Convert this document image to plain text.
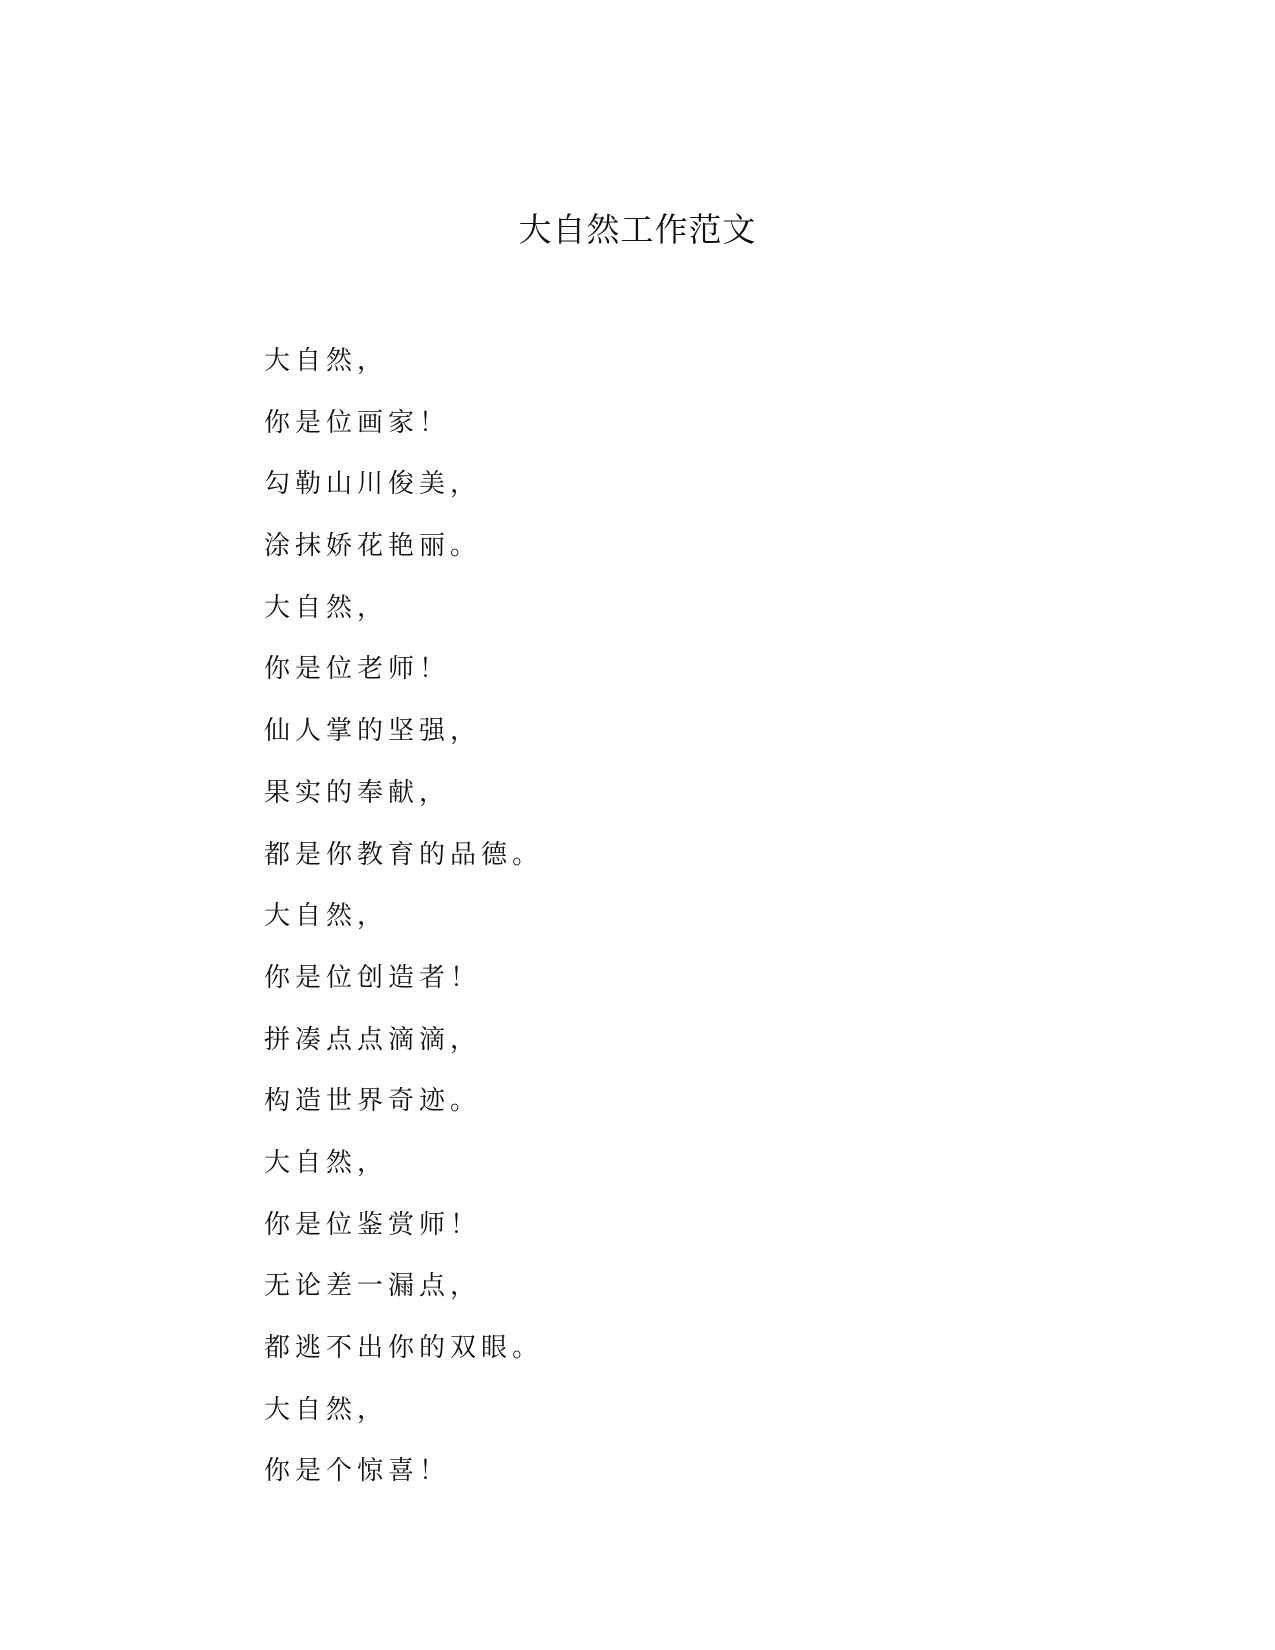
大自然工作范文
大自然，
你是位画家！
勾勒山川俊美，
涂抹娇花艳丽。
大自然，
你是位老师！
仙人掌的坚强，
果实的奉献，
都是你教育的品德。
大自然，
你是位创造者！
拼凑点点滴滴，
构造世界奇迹。
大自然，
你是位鉴赏师！
无论差一漏点，
都逃不出你的双眼。
大自然，
你是个惊喜！
